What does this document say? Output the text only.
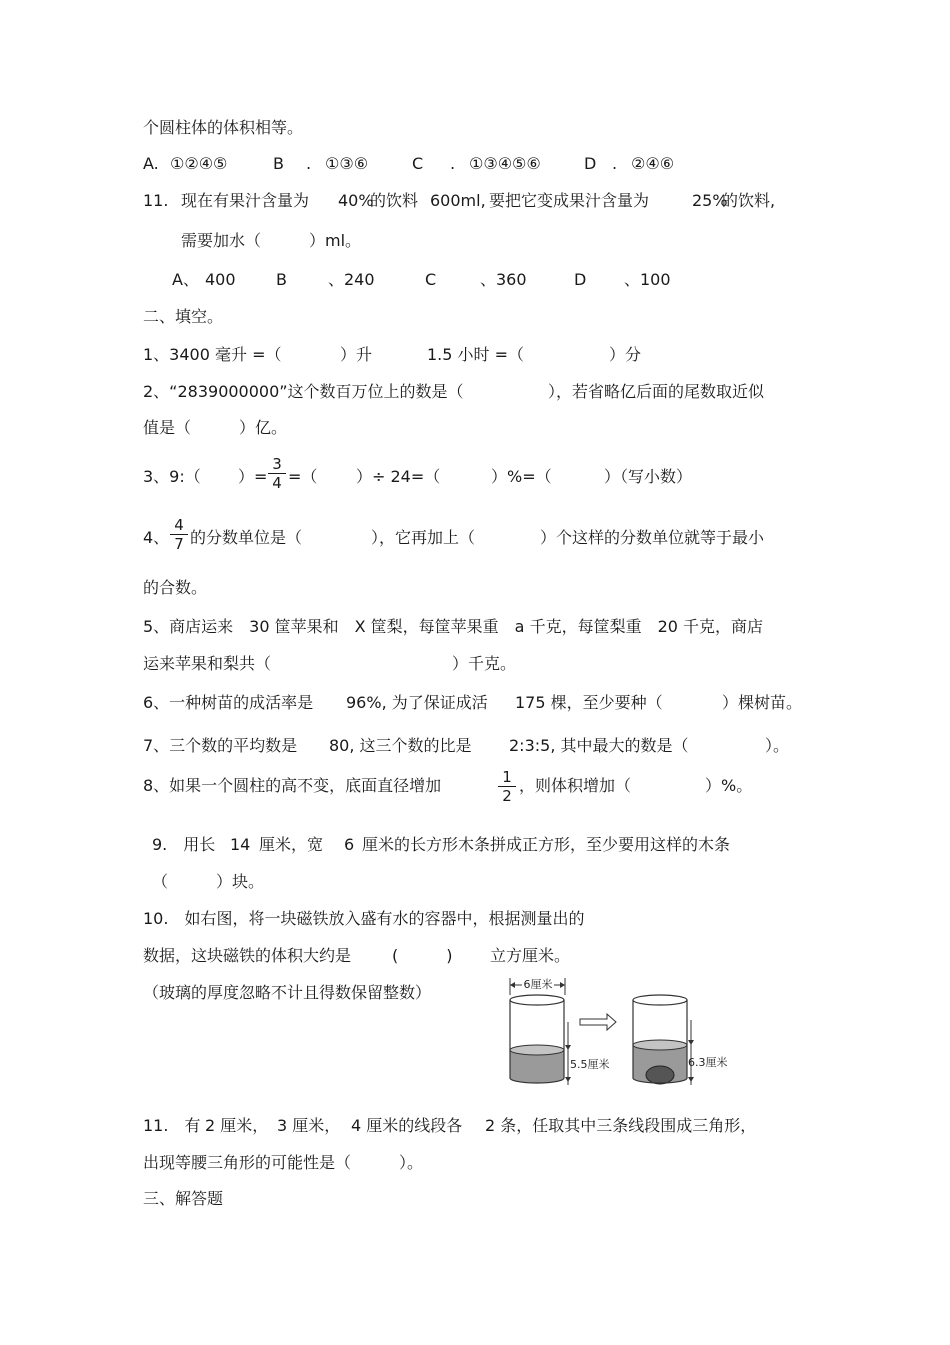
个圆柱体的体积相等。
A. ①②④⑤	B . ①③⑥	C . ①③④⑤⑥	D . ②④⑥
11. 现在有果汁含量为 40%
的饮料 600ml, 要把它变成果汁含量为	25%
的饮料,
需要加水（　　　）ml。
A、 400	B	、240	C	、360	D 、100
二、填空。
1、3400 毫升 =（	）升	1.5 小时 =（	）分
2、“2839000000”这个数百万位上的数是（	），若省略亿后面的尾数取近似
值是（　　　）亿。
3、9:（ ）=
3
4 =（ ）÷ 24=（	）%=（	）（写小数）
4、
4
7 的分数单位是（	），它再加上（	）个这样的分数单位就等于最小
的合数。
5、商店运来　30 筐苹果和　X 筐梨，每筐苹果重　a 千克，每筐梨重　20 千克，商店
运来苹果和梨共（	）千克。
6、一种树苗的成活率是 96%, 为了保证成活 175 棵，至少要种（	）棵树苗。
7、三个数的平均数是 80, 这三个数的比是 2:3:5, 其中最大的数是（	）。
8、如果一个圆柱的高不变，底面直径增加	1
2
，则体积增加（	）%。
9.　用长 14 厘米，宽 6 厘米的长方形木条拼成正方形，至少要用这样的木条
（　　　）块。
10.　如右图，将一块磁铁放入盛有水的容器中，根据测量出的
数据，这块磁铁的体积大约是	(　　　) 立方厘米。
（玻璃的厚度忽略不计且得数保留整数）	6厘米
5.5厘米	6.3厘米
11.　有 2 厘米， 3 厘米， 4 厘米的线段各 2 条，任取其中三条线段围成三角形，
出现等腰三角形的可能性是（　　　）。
三、解答题
